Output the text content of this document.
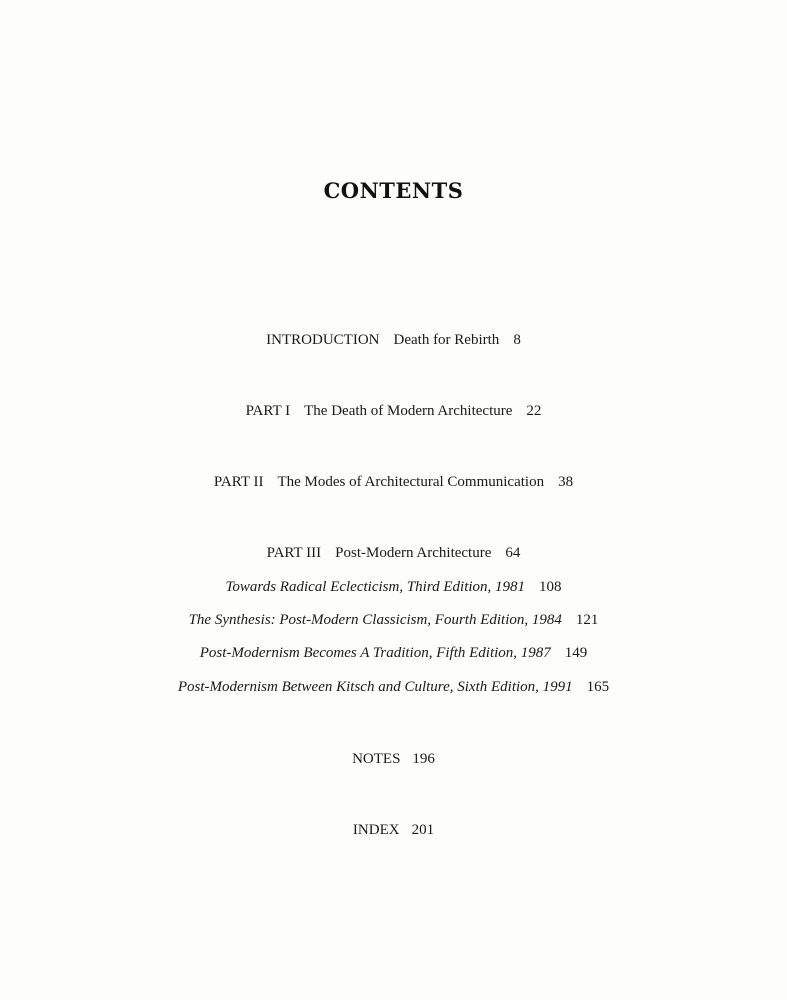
CONTENTS
INTRODUCTION Death for Rebirth 8
PART I The Death of Modern Architecture 22
PART II The Modes of Architectural Communication 38
PART III Post-Modern Architecture 64
Towards Radical Eclecticism, Third Edition, 1981 108
The Synthesis: Post-Modern Classicism, Fourth Edition, 1984 121
Post-Modernism Becomes A Tradition, Fifth Edition, 1987 149
Post-Modernism Between Kitsch and Culture, Sixth Edition, 1991 165
NOTES 196
INDEX 201
